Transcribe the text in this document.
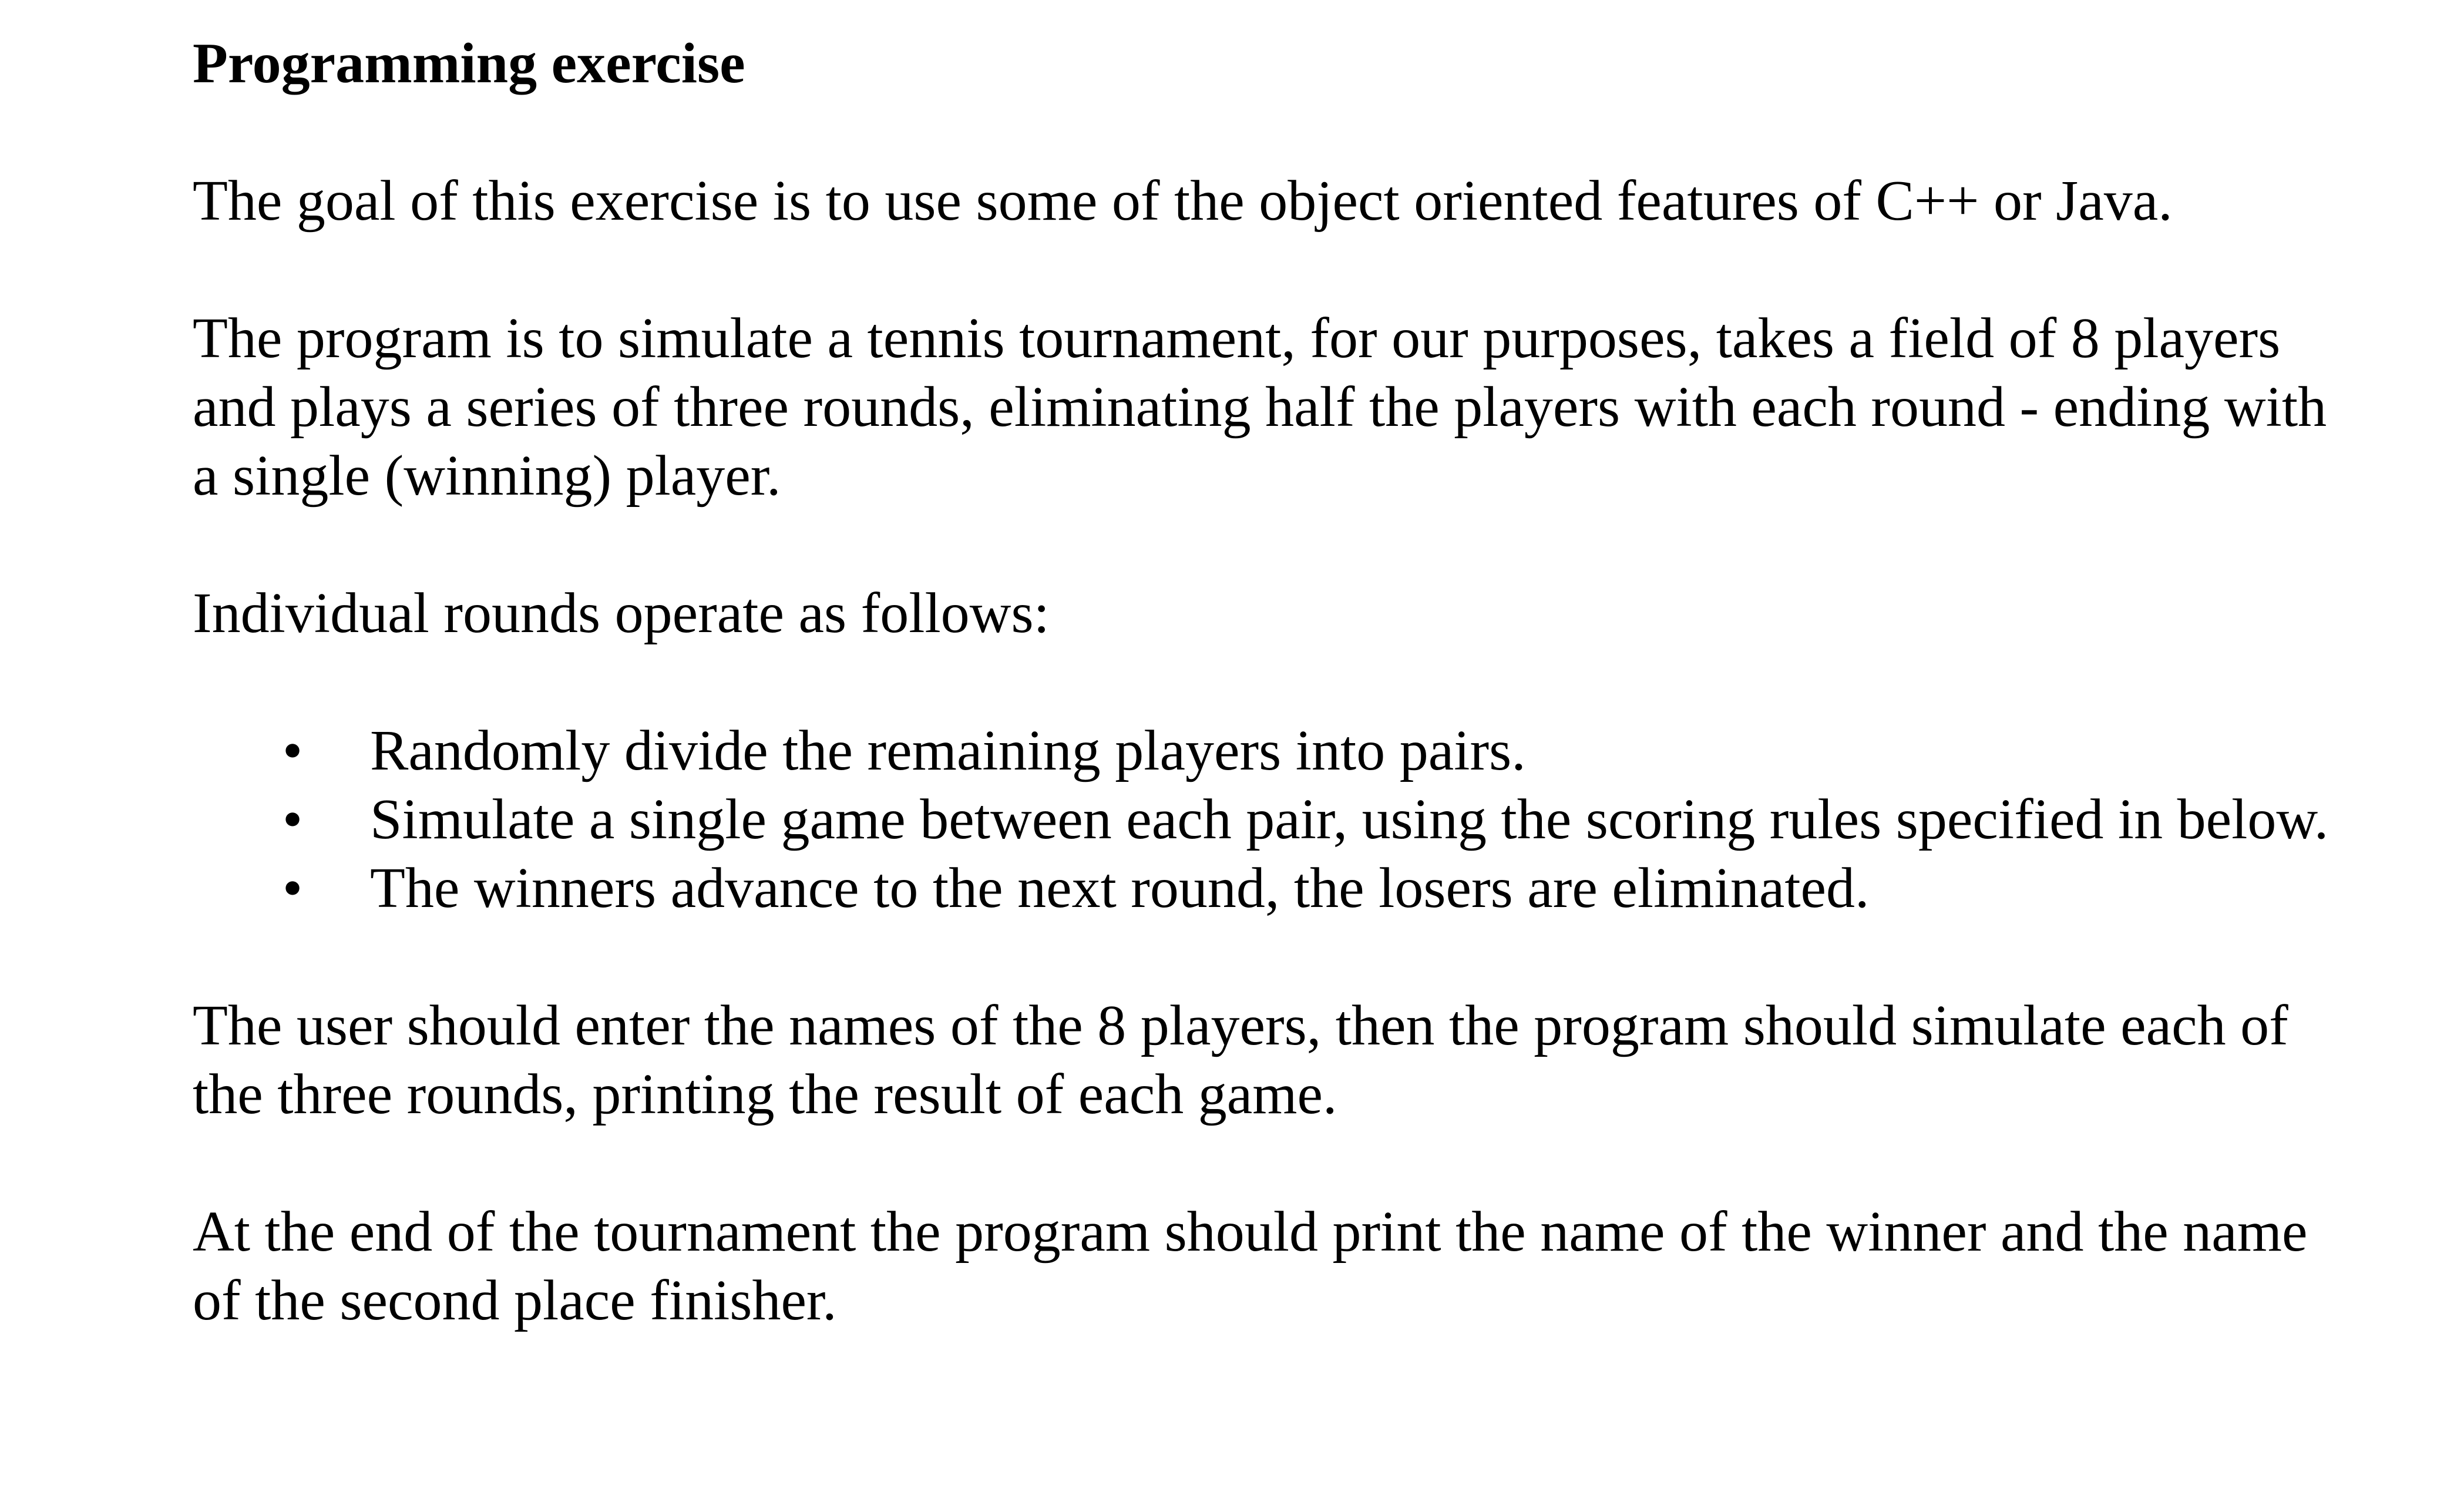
Programming exercise

The goal of this exercise is to use some of the object oriented features of C++ or Java.

The program is to simulate a tennis tournament, for our purposes, takes a field of 8 players and plays a series of three rounds, eliminating half the players with each round - ending with a single (winning) player.

Individual rounds operate as follows:

• Randomly divide the remaining players into pairs.
• Simulate a single game between each pair, using the scoring rules specified in below.
• The winners advance to the next round, the losers are eliminated.

The user should enter the names of the 8 players, then the program should simulate each of the three rounds, printing the result of each game.

At the end of the tournament the program should print the name of the winner and the name of the second place finisher.
